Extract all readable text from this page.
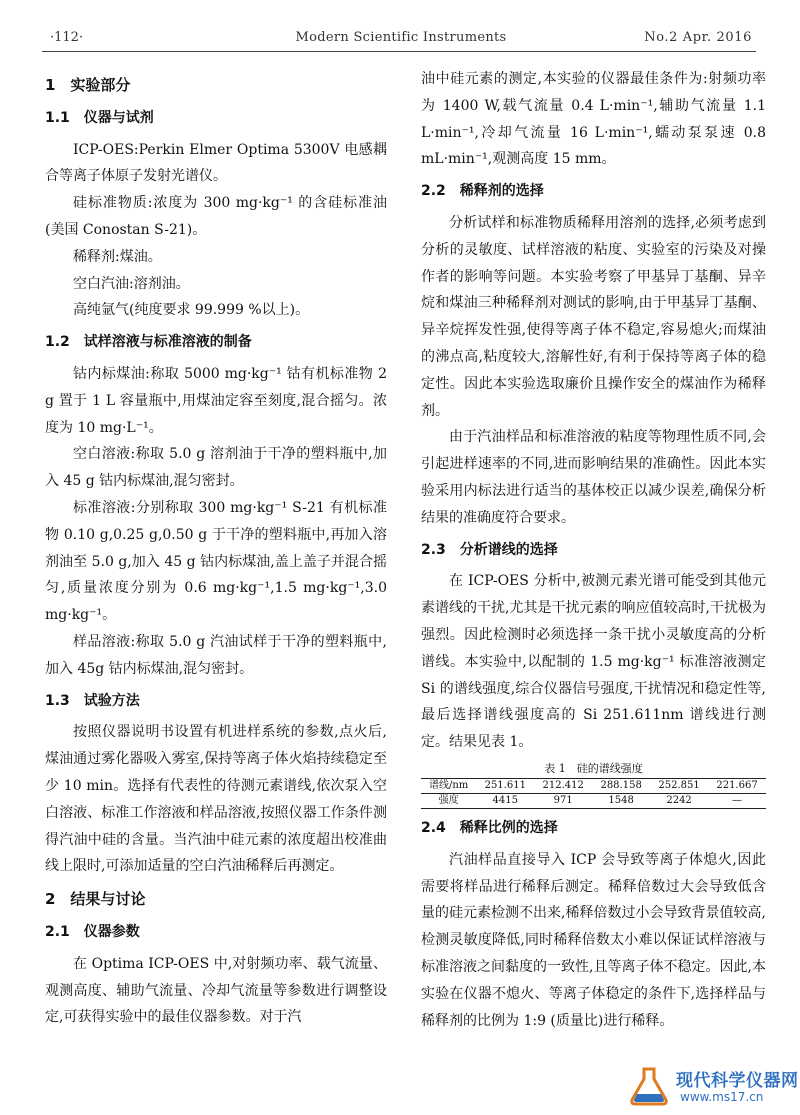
·112·	Modern Scientific Instruments	No.2 Apr. 2016
1　实验部分
1.1　仪器与试剂

ICP-OES:Perkin Elmer Optima 5300V 电感耦合等离子体原子发射光谱仪。

硅标准物质:浓度为 300 mg·kg⁻¹ 的含硅标准油(美国 Conostan S-21)。

稀释剂:煤油。

空白汽油:溶剂油。

高纯氩气(纯度要求 99.999 %以上)。

1.2　试样溶液与标准溶液的制备

钴内标煤油:称取 5000 mg·kg⁻¹ 钴有机标准物 2 g 置于 1 L 容量瓶中,用煤油定容至刻度,混合摇匀。浓度为 10 mg·L⁻¹。

空白溶液:称取 5.0 g 溶剂油于干净的塑料瓶中,加入 45 g 钴内标煤油,混匀密封。

标准溶液:分别称取 300 mg·kg⁻¹ S-21 有机标准物 0.10 g,0.25 g,0.50 g 于干净的塑料瓶中,再加入溶剂油至 5.0 g,加入 45 g 钴内标煤油,盖上盖子并混合摇匀,质量浓度分别为 0.6 mg·kg⁻¹,1.5 mg·kg⁻¹,3.0 mg·kg⁻¹。

样品溶液:称取 5.0 g 汽油试样于干净的塑料瓶中,加入 45g 钴内标煤油,混匀密封。

1.3　试验方法

按照仪器说明书设置有机进样系统的参数,点火后,煤油通过雾化器吸入雾室,保持等离子体火焰持续稳定至少 10 min。选择有代表性的待测元素谱线,依次泵入空白溶液、标准工作溶液和样品溶液,按照仪器工作条件测得汽油中硅的含量。当汽油中硅元素的浓度超出校准曲线上限时,可添加适量的空白汽油稀释后再测定。

2　结果与讨论
2.1　仪器参数

在 Optima ICP-OES 中,对射频功率、载气流量、观测高度、辅助气流量、冷却气流量等参数进行调整设定,可获得实验中的最佳仪器参数。对于汽

油中硅元素的测定,本实验的仪器最佳条件为:射频功率为 1400 W,载气流量 0.4 L·min⁻¹,辅助气流量 1.1 L·min⁻¹,冷却气流量 16 L·min⁻¹,蠕动泵泵速 0.8 mL·min⁻¹,观测高度 15 mm。

2.2　稀释剂的选择

分析试样和标准物质稀释用溶剂的选择,必须考虑到分析的灵敏度、试样溶液的粘度、实验室的污染及对操作者的影响等问题。本实验考察了甲基异丁基酮、异辛烷和煤油三种稀释剂对测试的影响,由于甲基异丁基酮、异辛烷挥发性强,使得等离子体不稳定,容易熄火;而煤油的沸点高,粘度较大,溶解性好,有利于保持等离子体的稳定性。因此本实验选取廉价且操作安全的煤油作为稀释剂。

由于汽油样品和标准溶液的粘度等物理性质不同,会引起进样速率的不同,进而影响结果的准确性。因此本实验采用内标法进行适当的基体校正以减少误差,确保分析结果的准确度符合要求。

2.3　分析谱线的选择

在 ICP-OES 分析中,被测元素光谱可能受到其他元素谱线的干扰,尤其是干扰元素的响应值较高时,干扰极为强烈。因此检测时必须选择一条干扰小灵敏度高的分析谱线。本实验中,以配制的 1.5 mg·kg⁻¹ 标准溶液测定 Si 的谱线强度,综合仪器信号强度,干扰情况和稳定性等,最后选择谱线强度高的 Si 251.611nm 谱线进行测定。结果见表 1。

表 1　硅的谱线强度
谱线/nm	251.611	212.412	288.158	252.851	221.667
强度	4415	971	1548	2242	—
2.4　稀释比例的选择

汽油样品直接导入 ICP 会导致等离子体熄火,因此需要将样品进行稀释后测定。稀释倍数过大会导致低含量的硅元素检测不出来,稀释倍数过小会导致背景值较高,检测灵敏度降低,同时稀释倍数太小难以保证试样溶液与标准溶液之间黏度的一致性,且等离子体不稳定。因此,本实验在仪器不熄火、等离子体稳定的条件下,选择样品与稀释剂的比例为 1:9 (质量比)进行稀释。

现代科学仪器网
www.ms17.cn
